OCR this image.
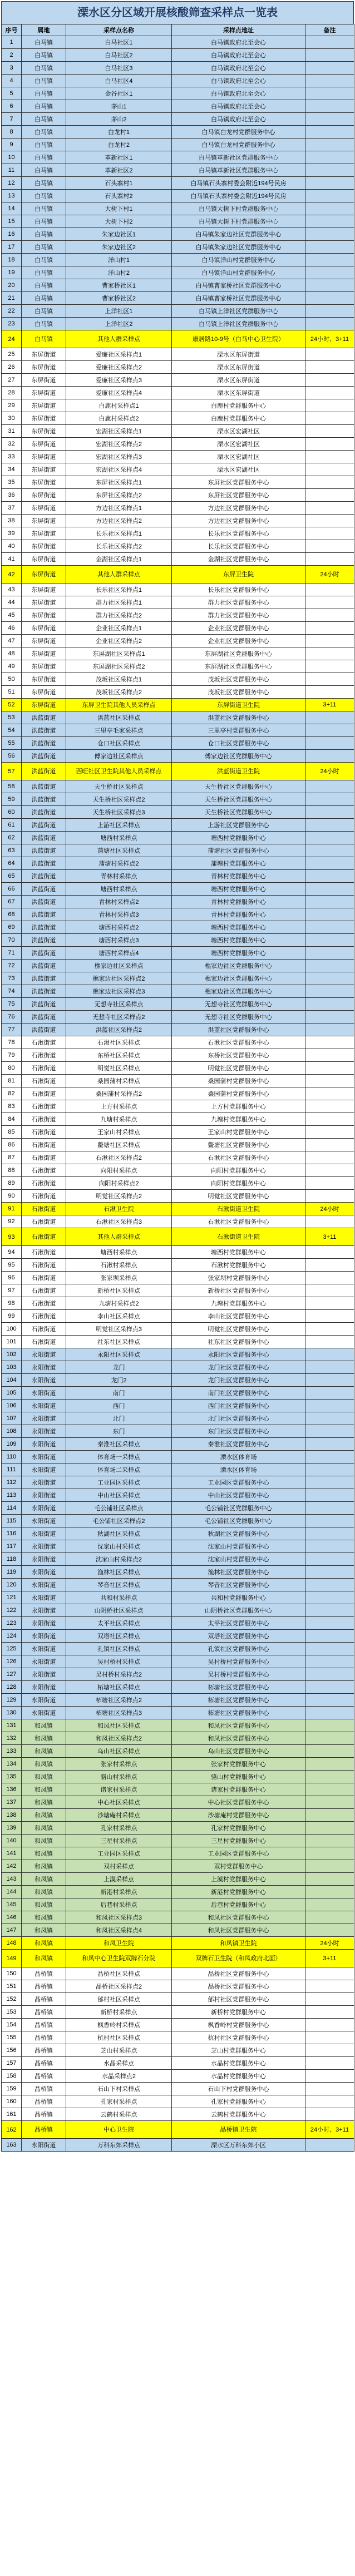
溧水区分区域开展核酸筛查采样点一览表
序号	属地	采样点名称	采样点地址	备注
1	白马镇	白马社区1	白马镇政府北至会心	
2	白马镇	白马社区2	白马镇政府北至会心	
3	白马镇	白马社区3	白马镇政府北至会心	
4	白马镇	白马社区4	白马镇政府北至会心	
5	白马镇	金谷社区1	白马镇政府北至会心	
6	白马镇	茅山1	白马镇政府北至会心	
7	白马镇	茅山2	白马镇政府北至会心	
8	白马镇	白龙村1	白马镇白龙村党群服务中心	
9	白马镇	白龙村2	白马镇白龙村党群服务中心	
10	白马镇	革新社区1	白马镇革新社区党群服务中心	
11	白马镇	革新社区2	白马镇革新社区党群服务中心	
12	白马镇	石头寨村1	白马镇石头寨村委会附近194号民房	
13	白马镇	石头寨村2	白马镇石头寨村委会附近194号民房	
14	白马镇	大树下村1	白马镇大树下村党群服务中心	
15	白马镇	大树下村2	白马镇大树下村党群服务中心	
16	白马镇	朱家边社区1	白马镇朱家边社区党群服务中心	
17	白马镇	朱家边社区2	白马镇朱家边社区党群服务中心	
18	白马镇	洋山村1	白马镇洋山村党群服务中心	
19	白马镇	洋山村2	白马镇洋山村党群服务中心	
20	白马镇	曹家桥社区1	白马镇曹家桥社区党群服务中心	
21	白马镇	曹家桥社区2	白马镇曹家桥社区党群服务中心	
22	白马镇	上洋社区1	白马镇上洋社区党群服务中心	
23	白马镇	上洋社区2	白马镇上洋社区党群服务中心	
24	白马镇	其他人群采样点	康居路10-9号（白马中心卫生院）	24小时、3+11
25	东屏街道	爱廉社区采样点1	溧水区东屏街道	
26	东屏街道	爱廉社区采样点2	溧水区东屏街道	
27	东屏街道	爱廉社区采样点3	溧水区东屏街道	
28	东屏街道	爱廉社区采样点4	溧水区东屏街道	
29	东屏街道	白鹿村采样点1	白鹿村党群服务中心	
30	东屏街道	白鹿村采样点2	白鹿村党群服务中心	
31	东屏街道	宏湖社区采样点1	溧水区宏湖社区	
32	东屏街道	宏湖社区采样点2	溧水区宏湖社区	
33	东屏街道	宏湖社区采样点3	溧水区宏湖社区	
34	东屏街道	宏湖社区采样点4	溧水区宏湖社区	
35	东屏街道	东屏社区采样点1	东屏社区党群服务中心	
36	东屏街道	东屏社区采样点2	东屏社区党群服务中心	
37	东屏街道	方边社区采样点1	方边社区党群服务中心	
38	东屏街道	方边社区采样点2	方边社区党群服务中心	
39	东屏街道	长乐社区采样点1	长乐社区党群服务中心	
40	东屏街道	长乐社区采样点2	长乐社区党群服务中心	
41	东屏街道	金湖社区采样点1	金湖社区党群服务中心	
42	东屏街道	其他人群采样点	东屏卫生院	24小时
43	东屏街道	长乐社区采样点1	长乐社区党群服务中心	
44	东屏街道	群力社区采样点1	群力社区党群服务中心	
45	东屏街道	群力社区采样点2	群力社区党群服务中心	
46	东屏街道	企业社区采样点1	企业社区党群服务中心	
47	东屏街道	企业社区采样点2	企业社区党群服务中心	
48	东屏街道	东屏湖社区采样点1	东屏湖社区党群服务中心	
49	东屏街道	东屏湖社区采样点2	东屏湖社区党群服务中心	
50	东屏街道	茂坂社区采样点1	茂坂社区党群服务中心	
51	东屏街道	茂坂社区采样点2	茂坂社区党群服务中心	
52	东屏街道	东屏卫生院其他人员采样点	东屏街道卫生院	3+11
53	洪蓝街道	洪蓝社区采样点	洪蓝社区党群服务中心	
54	洪蓝街道	三里亭毛家采样点	三里亭村党群服务中心	
55	洪蓝街道	仓口社区采样点	仓口社区党群服务中心	
56	洪蓝街道	傅家边社区采样点	傅家边社区党群服务中心	
57	洪蓝街道	西旺社区卫生院其他人员采样点	洪蓝街道卫生院	24小时
58	洪蓝街道	天生桥社区采样点	天生桥社区党群服务中心	
59	洪蓝街道	天生桥社区采样点2	天生桥社区党群服务中心	
60	洪蓝街道	天生桥社区采样点3	天生桥社区党群服务中心	
61	洪蓝街道	上游社区采样点	上游社区党群服务中心	
62	洪蓝街道	塘西村采样点	塘西村党群服务中心	
63	洪蓝街道	蒲塘社区采样点	蒲塘社区党群服务中心	
64	洪蓝街道	蒲塘村采样点2	蒲塘村党群服务中心	
65	洪蓝街道	青林村采样点	青林村党群服务中心	
66	洪蓝街道	塘西村采样点	塘西村党群服务中心	
67	洪蓝街道	青林村采样点2	青林村党群服务中心	
68	洪蓝街道	青林村采样点3	青林村党群服务中心	
69	洪蓝街道	塘西村采样点2	塘西村党群服务中心	
70	洪蓝街道	塘西村采样点3	塘西村党群服务中心	
71	洪蓝街道	塘西村采样点4	塘西村党群服务中心	
72	洪蓝街道	樵家边社区采样点	樵家边社区党群服务中心	
73	洪蓝街道	樵家边社区采样点2	樵家边社区党群服务中心	
74	洪蓝街道	樵家边社区采样点3	樵家边社区党群服务中心	
75	洪蓝街道	无想寺社区采样点	无想寺社区党群服务中心	
76	洪蓝街道	无想寺社区采样点2	无想寺社区党群服务中心	
77	洪蓝街道	洪蓝社区采样点2	洪蓝社区党群服务中心	
78	石湫街道	石湫社区采样点	石湫社区党群服务中心	
79	石湫街道	东桥社区采样点	东桥社区党群服务中心	
80	石湫街道	明觉社区采样点	明觉社区党群服务中心	
81	石湫街道	桑园蒲村采样点	桑园蒲村党群服务中心	
82	石湫街道	桑园蒲村采样点2	桑园蒲村党群服务中心	
83	石湫街道	上方村采样点	上方村党群服务中心	
84	石湫街道	九塘村采样点	九塘村党群服务中心	
85	石湫街道	王家山村采样点	王家山村党群服务中心	
86	石湫街道	鳖塘社区采样点	鳖塘社区党群服务中心	
87	石湫街道	石湫社区采样点2	石湫社区党群服务中心	
88	石湫街道	向阳村采样点	向阳村党群服务中心	
89	石湫街道	向阳村采样点2	向阳村党群服务中心	
90	石湫街道	明觉社区采样点2	明觉社区党群服务中心	
91	石湫街道	石湫卫生院	石湫街道卫生院	24小时
92	石湫街道	石湫社区采样点3	石湫社区党群服务中心	
93	石湫街道	其他人群采样点	石湫街道卫生院	3+11
94	石湫街道	塘西村采样点	塘西村党群服务中心	
95	石湫街道	石湫村采样点	石湫村党群服务中心	
96	石湫街道	张家坝采样点	张家坝村党群服务中心	
97	石湫街道	新桥社区采样点	新桥社区党群服务中心	
98	石湫街道	九塘村采样点2	九塘村党群服务中心	
99	石湫街道	李山社区采样点	李山社区党群服务中心	
100	石湫街道	明觉社区采样点3	明觉社区党群服务中心	
101	石湫街道	社东社区采样点	社东社区党群服务中心	
102	永阳街道	永阳社区采样点	永阳社区党群服务中心	
103	永阳街道	龙门	龙门社区党群服务中心	
104	永阳街道	龙门2	龙门社区党群服务中心	
105	永阳街道	南门	南门社区党群服务中心	
106	永阳街道	西门	西门社区党群服务中心	
107	永阳街道	北门	北门社区党群服务中心	
108	永阳街道	东门	东门社区党群服务中心	
109	永阳街道	秦淮社区采样点	秦淮社区党群服务中心	
110	永阳街道	体育场一采样点	溧水区体育场	
111	永阳街道	体育场二采样点	溧水区体育场	
112	永阳街道	工业园区采样点	工业园区党群服务中心	
113	永阳街道	中山社区采样点	中山社区党群服务中心	
114	永阳街道	毛公铺社区采样点	毛公铺社区党群服务中心	
115	永阳街道	毛公铺社区采样点2	毛公铺社区党群服务中心	
116	永阳街道	秋湖社区采样点	秋湖社区党群服务中心	
117	永阳街道	沈家山村采样点	沈家山村党群服务中心	
118	永阳街道	沈家山村采样点2	沈家山村党群服务中心	
119	永阳街道	渔林社区采样点	渔林社区党群服务中心	
120	永阳街道	琴音社区采样点	琴音社区党群服务中心	
121	永阳街道	共和村采样点	共和村党群服务中心	
122	永阳街道	山阴桥社区采样点	山阴桥社区党群服务中心	
123	永阳街道	太平社区采样点	太平社区党群服务中心	
124	永阳街道	双塔社区采样点	双塔社区党群服务中心	
125	永阳街道	孔镇社区采样点	孔镇社区党群服务中心	
126	永阳街道	吴村桥村采样点	吴村桥村党群服务中心	
127	永阳街道	吴村桥村采样点2	吴村桥村党群服务中心	
128	永阳街道	柘塘社区采样点	柘塘社区党群服务中心	
129	永阳街道	柘塘社区采样点2	柘塘社区党群服务中心	
130	永阳街道	柘塘社区采样点3	柘塘社区党群服务中心	
131	和凤镇	和凤社区采样点	和凤社区党群服务中心	
132	和凤镇	和凤社区采样点2	和凤社区党群服务中心	
133	和凤镇	乌山社区采样点	乌山社区党群服务中心	
134	和凤镇	张家村采样点	张家村党群服务中心	
135	和凤镇	骆山村采样点	骆山村党群服务中心	
136	和凤镇	诸家村采样点	诸家村党群服务中心	
137	和凤镇	中心社区采样点	中心社区党群服务中心	
138	和凤镇	沙塘庵村采样点	沙塘庵村党群服务中心	
139	和凤镇	孔家村采样点	孔家村党群服务中心	
140	和凤镇	三星村采样点	三星村党群服务中心	
141	和凤镇	工业园区采样点	工业园区党群服务中心	
142	和凤镇	双村采样点	双村党群服务中心	
143	和凤镇	上漠采样点	上漠村党群服务中心	
144	和凤镇	新港村采样点	新港村党群服务中心	
145	和凤镇	后巷村采样点	后巷村党群服务中心	
146	和凤镇	和凤社区采样点3	和凤社区党群服务中心	
147	和凤镇	和凤社区采样点4	和凤社区党群服务中心	
148	和凤镇	和凤卫生院	和凤镇卫生院	24小时
149	和凤镇	和凤中心卫生院双牌石分院	双牌石卫生院（和凤政府北面）	3+11
150	晶桥镇	晶桥社区采样点	晶桥社区党群服务中心	
151	晶桥镇	晶桥社区采样点2	晶桥社区党群服务中心	
152	晶桥镇	邰村社区采样点	邰村社区党群服务中心	
153	晶桥镇	新桥村采样点	新桥村党群服务中心	
154	晶桥镇	枫香岭村采样点	枫香岭村党群服务中心	
155	晶桥镇	杭村社区采样点	杭村社区党群服务中心	
156	晶桥镇	芝山村采样点	芝山村党群服务中心	
157	晶桥镇	水晶采样点	水晶村党群服务中心	
158	晶桥镇	水晶采样点2	水晶村党群服务中心	
159	晶桥镇	石山下村采样点	石山下村党群服务中心	
160	晶桥镇	孔家村采样点	孔家村党群服务中心	
161	晶桥镇	云鹤村采样点	云鹤村党群服务中心	
162	晶桥镇	中心卫生院	晶桥镇卫生院	24小时、3+11
163	永阳街道	万科东郊采样点	溧水区万科东郊小区	
